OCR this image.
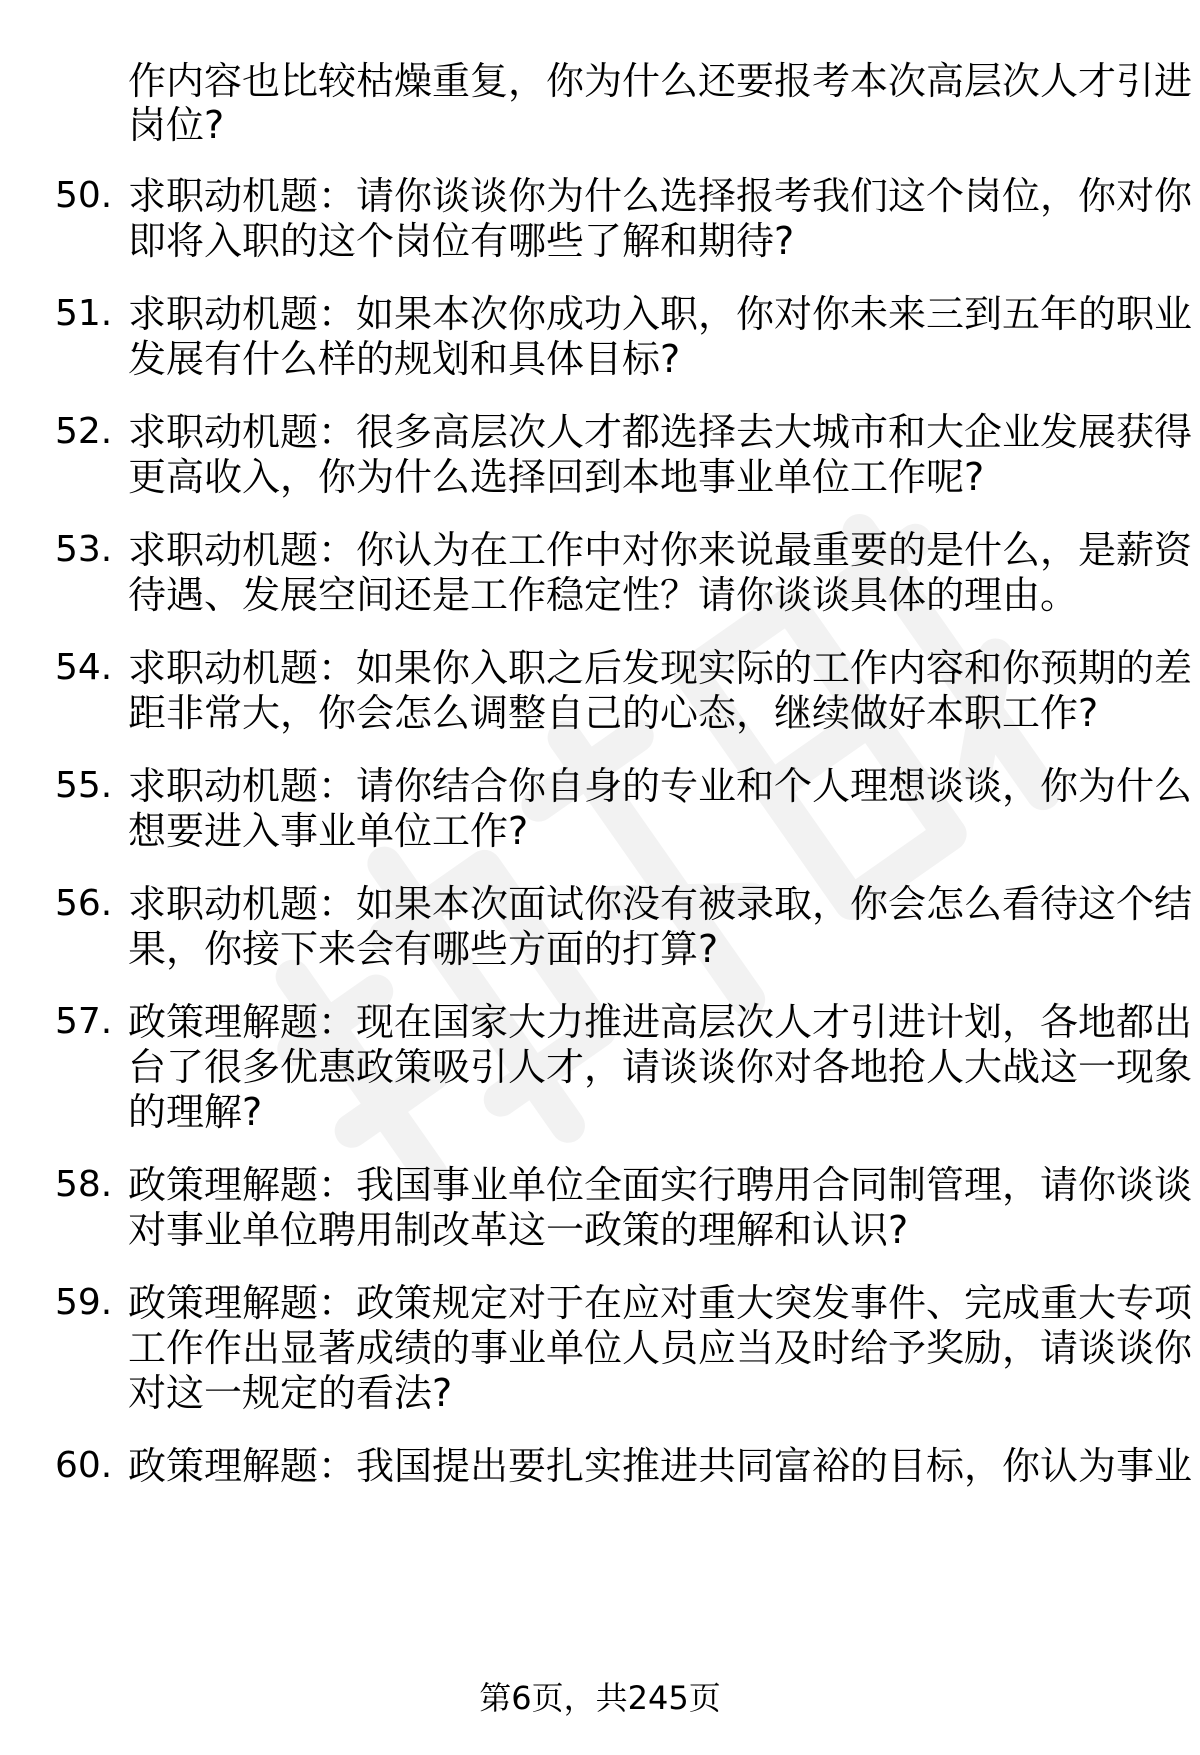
作内容也比较枯燥重复，你为什么还要报考本次高层次人才引进
岗位?
50. 求职动机题：请你谈谈你为什么选择报考我们这个岗位，你对你
即将入职的这个岗位有哪些了解和期待?
51. 求职动机题：如果本次你成功入职，你对你未来三到五年的职业
发展有什么样的规划和具体目标?
52. 求职动机题：很多高层次人才都选择去大城市和大企业发展获得
更高收入，你为什么选择回到本地事业单位工作呢?
53. 求职动机题：你认为在工作中对你来说最重要的是什么，是薪资
待遇、发展空间还是工作稳定性？请你谈谈具体的理由。
54. 求职动机题：如果你入职之后发现实际的工作内容和你预期的差
距非常大，你会怎么调整自己的心态，继续做好本职工作?
55. 求职动机题：请你结合你自身的专业和个人理想谈谈，你为什么
想要进入事业单位工作?
56. 求职动机题：如果本次面试你没有被录取，你会怎么看待这个结
果，你接下来会有哪些方面的打算?
57. 政策理解题：现在国家大力推进高层次人才引进计划，各地都出
台了很多优惠政策吸引人才，请谈谈你对各地抢人大战这一现象
的理解?
58. 政策理解题：我国事业单位全面实行聘用合同制管理，请你谈谈
对事业单位聘用制改革这一政策的理解和认识?
59. 政策理解题：政策规定对于在应对重大突发事件、完成重大专项
工作作出显著成绩的事业单位人员应当及时给予奖励，请谈谈你
对这一规定的看法?
60. 政策理解题：我国提出要扎实推进共同富裕的目标，你认为事业
第6页，共245页
